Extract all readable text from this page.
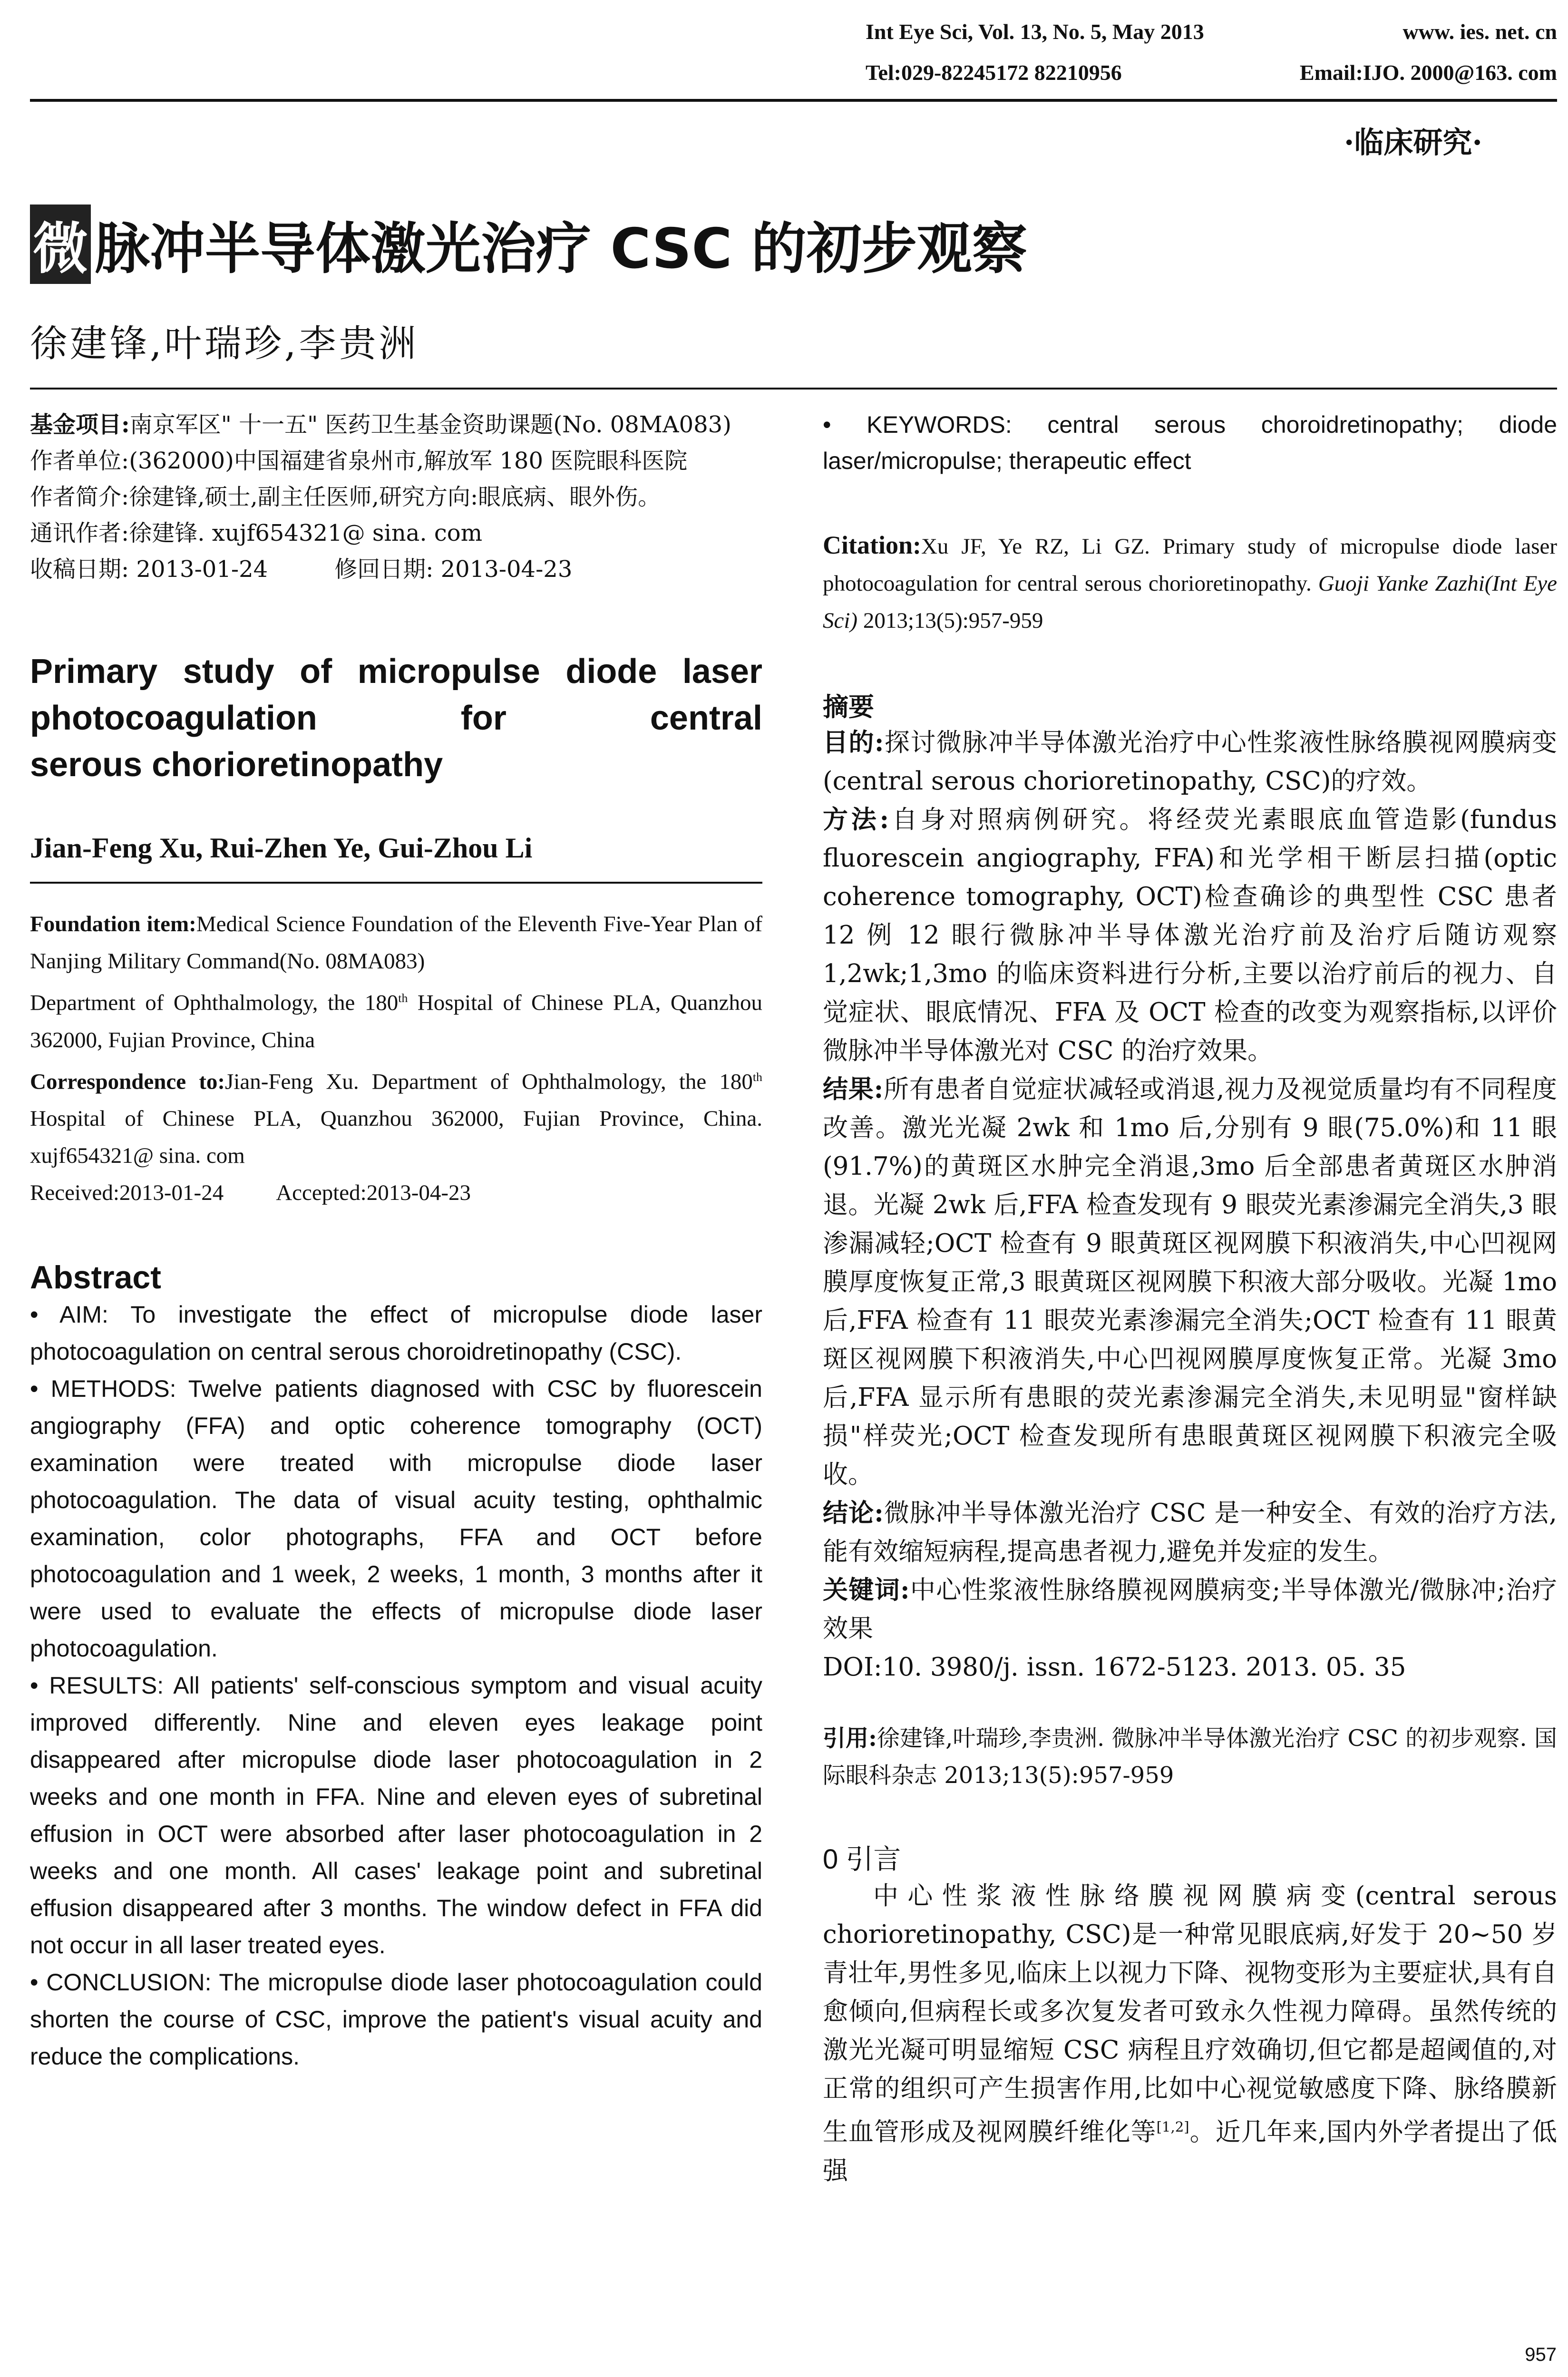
Int Eye Sci, Vol. 13, No. 5, May 2013	www. ies. net. cn
Tel:029-82245172 82210956	Email:IJO. 2000@163. com
·临床研究·
微 脉冲半导体激光治疗 CSC 的初步观察
徐建锋,叶瑞珍,李贵洲

基金项目:南京军区" 十一五" 医药卫生基金资助课题(No. 08MA083)

作者单位:(362000)中国福建省泉州市,解放军 180 医院眼科医院

作者简介:徐建锋,硕士,副主任医师,研究方向:眼底病、眼外伤。

通讯作者:徐建锋. xujf654321@ sina. com

收稿日期: 2013-01-24	修回日期: 2013-04-23

Primary study of micropulse diode laser photocoagulation for central
serous chorioretinopathy
Jian-Feng Xu, Rui-Zhen Ye, Gui-Zhou Li

Foundation item:Medical Science Foundation of the Eleventh Five-Year Plan of Nanjing Military Command(No. 08MA083)

Department of Ophthalmology, the 180th Hospital of Chinese PLA, Quanzhou 362000, Fujian Province, China

Correspondence to:Jian-Feng Xu. Department of Ophthalmology, the 180th Hospital of Chinese PLA, Quanzhou 362000, Fujian Province, China. xujf654321@ sina. com

Received:2013-01-24 Accepted:2013-04-23

Abstract

• AIM: To investigate the effect of micropulse diode laser photocoagulation on central serous choroidretinopathy (CSC).

• METHODS: Twelve patients diagnosed with CSC by fluorescein angiography (FFA) and optic coherence tomography (OCT) examination were treated with micropulse diode laser photocoagulation. The data of visual acuity testing, ophthalmic examination, color photographs, FFA and OCT before photocoagulation and 1 week, 2 weeks, 1 month, 3 months after it were used to evaluate the effects of micropulse diode laser photocoagulation.

• RESULTS: All patients' self-conscious symptom and visual acuity improved differently. Nine and eleven eyes leakage point disappeared after micropulse diode laser photocoagulation in 2 weeks and one month in FFA. Nine and eleven eyes of subretinal effusion in OCT were absorbed after laser photocoagulation in 2 weeks and one month. All cases' leakage point and subretinal effusion disappeared after 3 months. The window defect in FFA did not occur in all laser treated eyes.

• CONCLUSION: The micropulse diode laser photocoagulation could shorten the course of CSC, improve the patient's visual acuity and reduce the complications.

• KEYWORDS: central serous choroidretinopathy; diode laser/micropulse; therapeutic effect

Citation:Xu JF, Ye RZ, Li GZ. Primary study of micropulse diode laser photocoagulation for central serous chorioretinopathy. Guoji Yanke Zazhi(Int Eye Sci) 2013;13(5):957-959
摘要

目的:探讨微脉冲半导体激光治疗中心性浆液性脉络膜视网膜病变(central serous chorioretinopathy, CSC)的疗效。

方法:自身对照病例研究。将经荧光素眼底血管造影(fundus fluorescein angiography, FFA)和光学相干断层扫描(optic coherence tomography, OCT)检查确诊的典型性 CSC 患者 12 例 12 眼行微脉冲半导体激光治疗前及治疗后随访观察 1,2wk;1,3mo 的临床资料进行分析,主要以治疗前后的视力、自觉症状、眼底情况、FFA 及 OCT 检查的改变为观察指标,以评价微脉冲半导体激光对 CSC 的治疗效果。

结果:所有患者自觉症状减轻或消退,视力及视觉质量均有不同程度改善。激光光凝 2wk 和 1mo 后,分别有 9 眼(75.0%)和 11 眼(91.7%)的黄斑区水肿完全消退,3mo 后全部患者黄斑区水肿消退。光凝 2wk 后,FFA 检查发现有 9 眼荧光素渗漏完全消失,3 眼渗漏减轻;OCT 检查有 9 眼黄斑区视网膜下积液消失,中心凹视网膜厚度恢复正常,3 眼黄斑区视网膜下积液大部分吸收。光凝 1mo 后,FFA 检查有 11 眼荧光素渗漏完全消失;OCT 检查有 11 眼黄斑区视网膜下积液消失,中心凹视网膜厚度恢复正常。光凝 3mo 后,FFA 显示所有患眼的荧光素渗漏完全消失,未见明显"窗样缺损"样荧光;OCT 检查发现所有患眼黄斑区视网膜下积液完全吸收。

结论:微脉冲半导体激光治疗 CSC 是一种安全、有效的治疗方法,能有效缩短病程,提高患者视力,避免并发症的发生。

关键词:中心性浆液性脉络膜视网膜病变;半导体激光/微脉冲;治疗效果

DOI:10. 3980/j. issn. 1672-5123. 2013. 05. 35

引用:徐建锋,叶瑞珍,李贵洲. 微脉冲半导体激光治疗 CSC 的初步观察. 国际眼科杂志 2013;13(5):957-959
0 引言

中心性浆液性脉络膜视网膜病变(central serous chorioretinopathy, CSC)是一种常见眼底病,好发于 20~50 岁青壮年,男性多见,临床上以视力下降、视物变形为主要症状,具有自愈倾向,但病程长或多次复发者可致永久性视力障碍。虽然传统的激光光凝可明显缩短 CSC 病程且疗效确切,但它都是超阈值的,对正常的组织可产生损害作用,比如中心视觉敏感度下降、脉络膜新生血管形成及视网膜纤维化等[1,2]。近几年来,国内外学者提出了低强

957
